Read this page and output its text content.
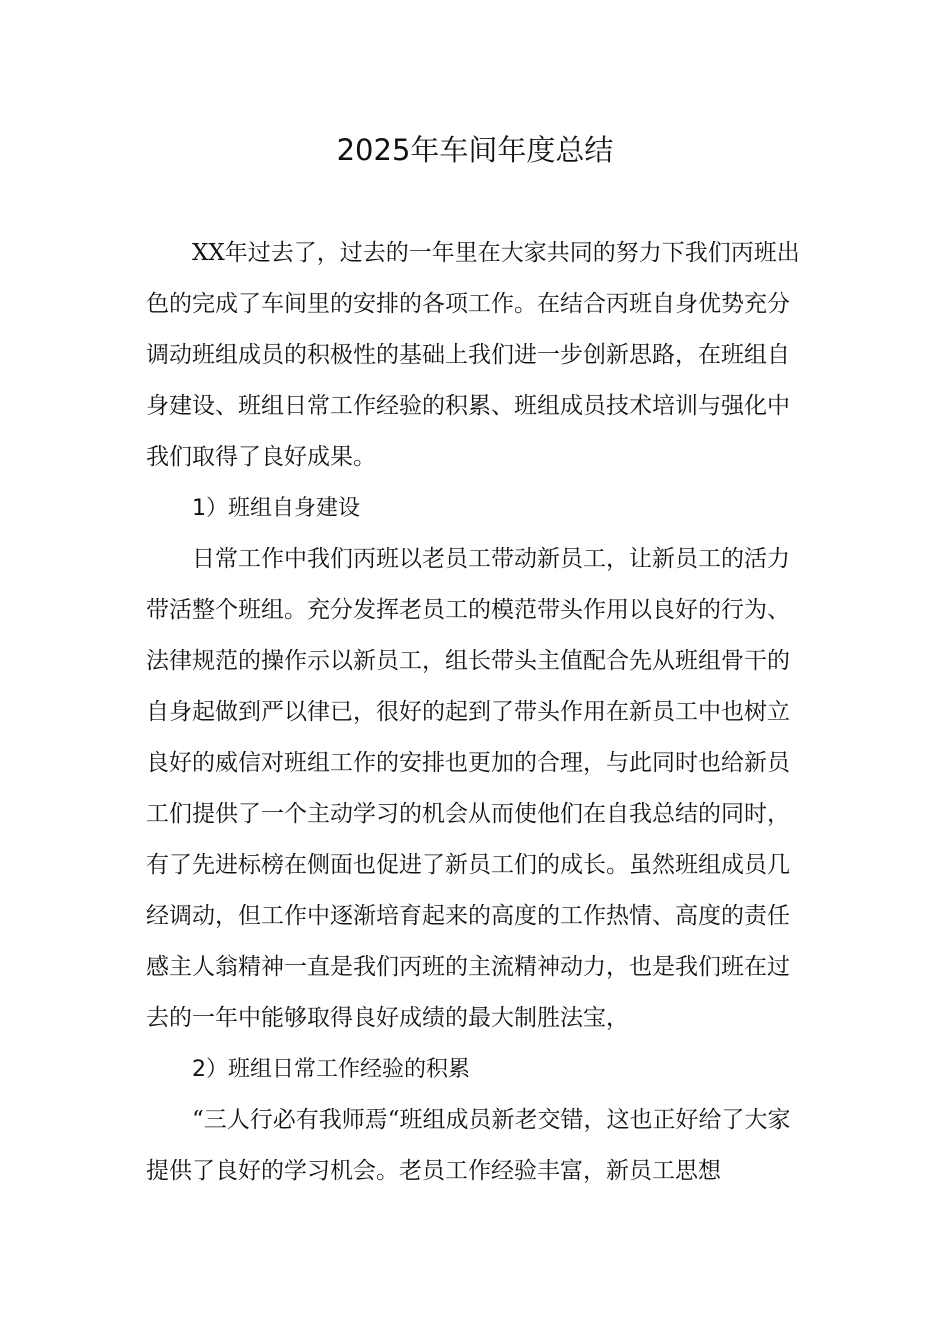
2025年车间年度总结

XX年过去了，过去的一年里在大家共同的努力下我们丙班出色的完成了车间里的安排的各项工作。在结合丙班自身优势充分调动班组成员的积极性的基础上我们进一步创新思路，在班组自身建设、班组日常工作经验的积累、班组成员技术培训与强化中我们取得了良好成果。

1）班组自身建设

日常工作中我们丙班以老员工带动新员工，让新员工的活力带活整个班组。充分发挥老员工的模范带头作用以良好的行为、法律规范的操作示以新员工，组长带头主值配合先从班组骨干的自身起做到严以律已，很好的起到了带头作用在新员工中也树立良好的威信对班组工作的安排也更加的合理，与此同时也给新员工们提供了一个主动学习的机会从而使他们在自我总结的同时，有了先进标榜在侧面也促进了新员工们的成长。虽然班组成员几经调动，但工作中逐渐培育起来的高度的工作热情、高度的责任感主人翁精神一直是我们丙班的主流精神动力，也是我们班在过去的一年中能够取得良好成绩的最大制胜法宝，

2）班组日常工作经验的积累

“三人行必有我师焉“班组成员新老交错，这也正好给了大家提供了良好的学习机会。老员工作经验丰富，新员工思想
